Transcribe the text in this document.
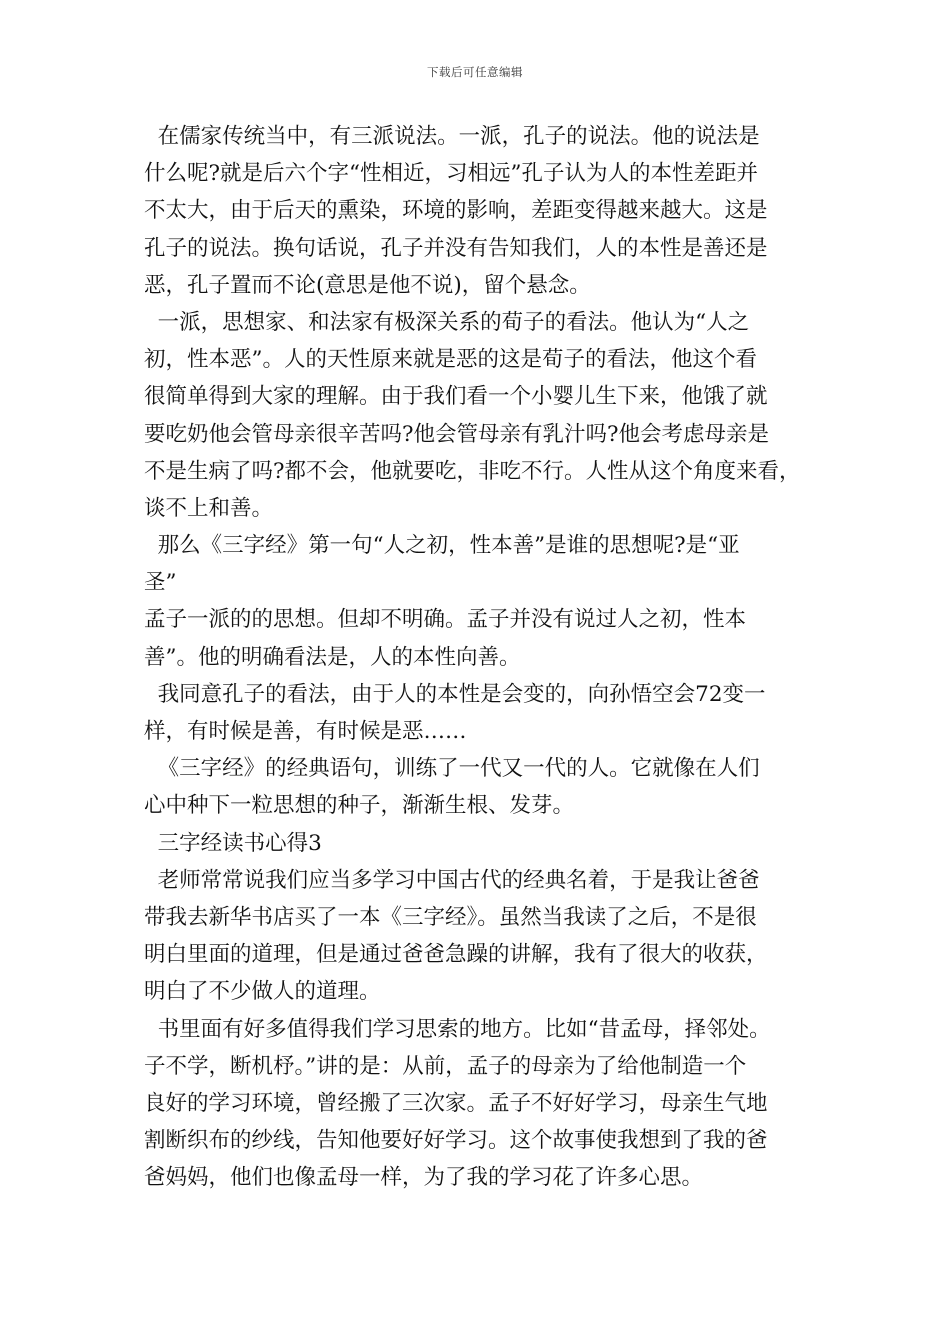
下载后可任意编辑
在儒家传统当中，有三派说法。一派，孔子的说法。他的说法是
什么呢?就是后六个字“性相近，习相远”孔子认为人的本性差距并
不太大，由于后天的熏染，环境的影响，差距变得越来越大。这是
孔子的说法。换句话说，孔子并没有告知我们，人的本性是善还是
恶，孔子置而不论(意思是他不说)，留个悬念。
一派，思想家、和法家有极深关系的荀子的看法。他认为“人之
初，性本恶”。人的天性原来就是恶的这是荀子的看法，他这个看
很简单得到大家的理解。由于我们看一个小婴儿生下来，他饿了就
要吃奶他会管母亲很辛苦吗?他会管母亲有乳汁吗?他会考虑母亲是
不是生病了吗?都不会，他就要吃，非吃不行。人性从这个角度来看，
谈不上和善。
那么《三字经》第一句“人之初，性本善”是谁的思想呢?是“亚
圣”
孟子一派的的思想。但却不明确。孟子并没有说过人之初，性本
善”。他的明确看法是，人的本性向善。
我同意孔子的看法，由于人的本性是会变的，向孙悟空会72变一
样，有时候是善，有时候是恶……
《三字经》的经典语句，训练了一代又一代的人。它就像在人们
心中种下一粒思想的种子，渐渐生根、发芽。
三字经读书心得3
老师常常说我们应当多学习中国古代的经典名着，于是我让爸爸
带我去新华书店买了一本《三字经》。虽然当我读了之后，不是很
明白里面的道理，但是通过爸爸急躁的讲解，我有了很大的收获，
明白了不少做人的道理。
书里面有好多值得我们学习思索的地方。比如“昔孟母，择邻处。
子不学，断机杼。”讲的是：从前，孟子的母亲为了给他制造一个
良好的学习环境，曾经搬了三次家。孟子不好好学习，母亲生气地
割断织布的纱线，告知他要好好学习。这个故事使我想到了我的爸
爸妈妈，他们也像孟母一样，为了我的学习花了许多心思。
